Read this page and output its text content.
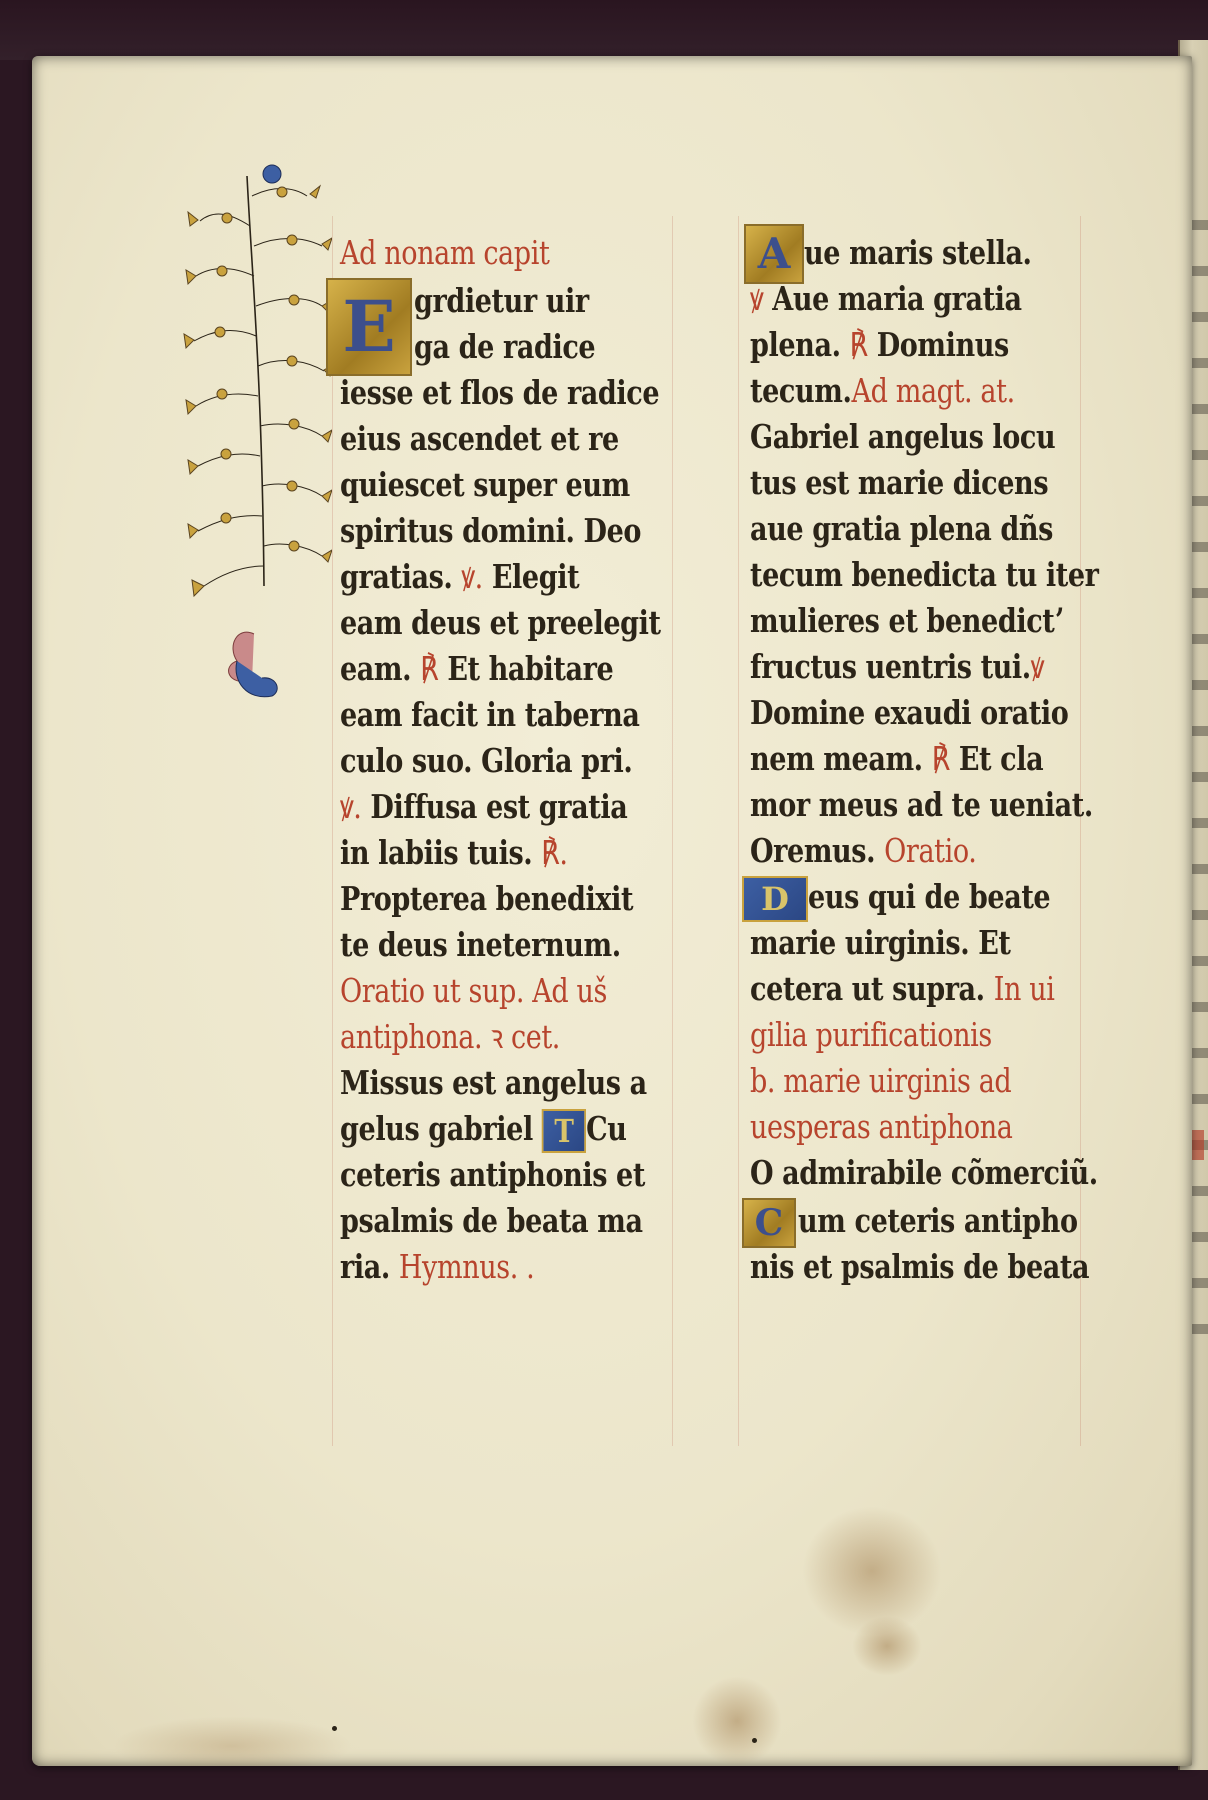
Ad nonam capit
E grdietur uir
ga de radice
iesse et flos de radice
eius ascendet et re
quiescet super eum
spiritus domini. Deo
gratias. ꝟ. Elegit
eam deus et preelegit
eam. ℟ Et habitare
eam facit in taberna
culo suo. Gloria pri.
ꝟ. Diffusa est gratia
in labiis tuis. ℟.
Propterea benedixit
te deus ineternum.
Oratio ut sup. Ad uš
antiphona. ꝛ cet.
Missus est angelus a
gelus gabriel T Cu
ceteris antiphonis et
psalmis de beata ma
ria. Hymnus. .
A ue maris stella.
ꝟ Aue maria gratia
plena. ℟ Dominus
tecum.Ad magt. at.
Gabriel angelus locu
tus est marie dicens
aue gratia plena dñs
tecum benedicta tu iter
mulieres et benedictʼ
fructus uentris tui.ꝟ
Domine exaudi oratio
nem meam. ℟ Et cla
mor meus ad te ueniat.
Oremus. Oratio.
D eus qui de beate
marie uirginis. Et
cetera ut supra. In ui
gilia purificationis
b. marie uirginis ad
uesperas antiphona
O admirabile cõmerciũ.
C um ceteris antipho
nis et psalmis de beata
